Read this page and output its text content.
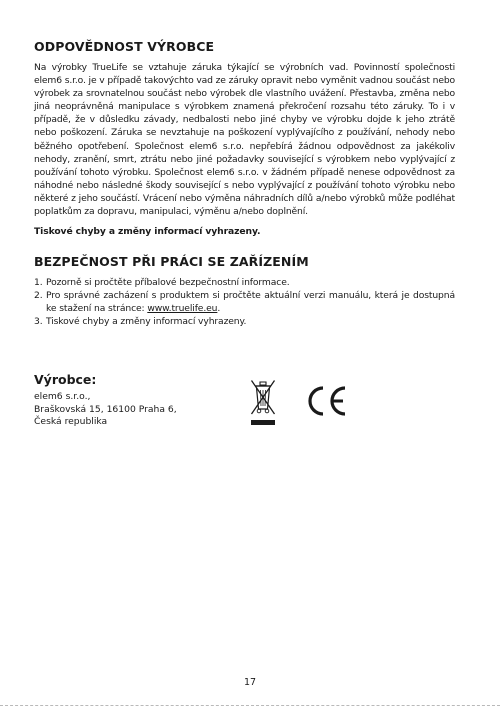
ODPOVĚDNOST VÝROBCE

Na výrobky TrueLife se vztahuje záruka týkající se výrobních vad. Povinností společnosti elem6 s.r.o. je v případě takovýchto vad ze záruky opravit nebo vyměnit vadnou součást nebo výrobek za srovnatelnou součást nebo výrobek dle vlastního uvážení. Přestavba, změna nebo jiná neoprávněná manipulace s výrobkem znamená překročení rozsahu této záruky. To i v případě, že v důsledku závady, nedbalosti nebo jiné chyby ve výrobku dojde k jeho ztrátě nebo poškození. Záruka se nevztahuje na poškození vyplývajícího z používání, nehody nebo běžného opotřebení. Společnost elem6 s.r.o. nepřebírá žádnou odpovědnost za jakékoliv nehody, zranění, smrt, ztrátu nebo jiné požadavky související s výrobkem nebo vyplývající z používání tohoto výrobku. Společnost elem6 s.r.o. v žádném případě nenese odpovědnost za náhodné nebo následné škody související s nebo vyplývající z používání tohoto výrobku nebo některé z jeho součástí. Vrácení nebo výměna náhradních dílů a/nebo výrobků může podléhat poplatkům za dopravu, manipulaci, výměnu a/nebo doplnění.

Tiskové chyby a změny informací vyhrazeny.

BEZPEČNOST PŘI PRÁCI SE ZAŘÍZENÍM
1. Pozorně si pročtěte příbalové bezpečnostní informace.
2. Pro správné zacházení s produktem si pročtěte aktuální verzi manuálu, která je dostupná ke stažení na stránce: www.truelife.eu.
3. Tiskové chyby a změny informací vyhrazeny.
Výrobce:
elem6 s.r.o.,
Braškovská 15, 16100 Praha 6,
Česká republika
17
